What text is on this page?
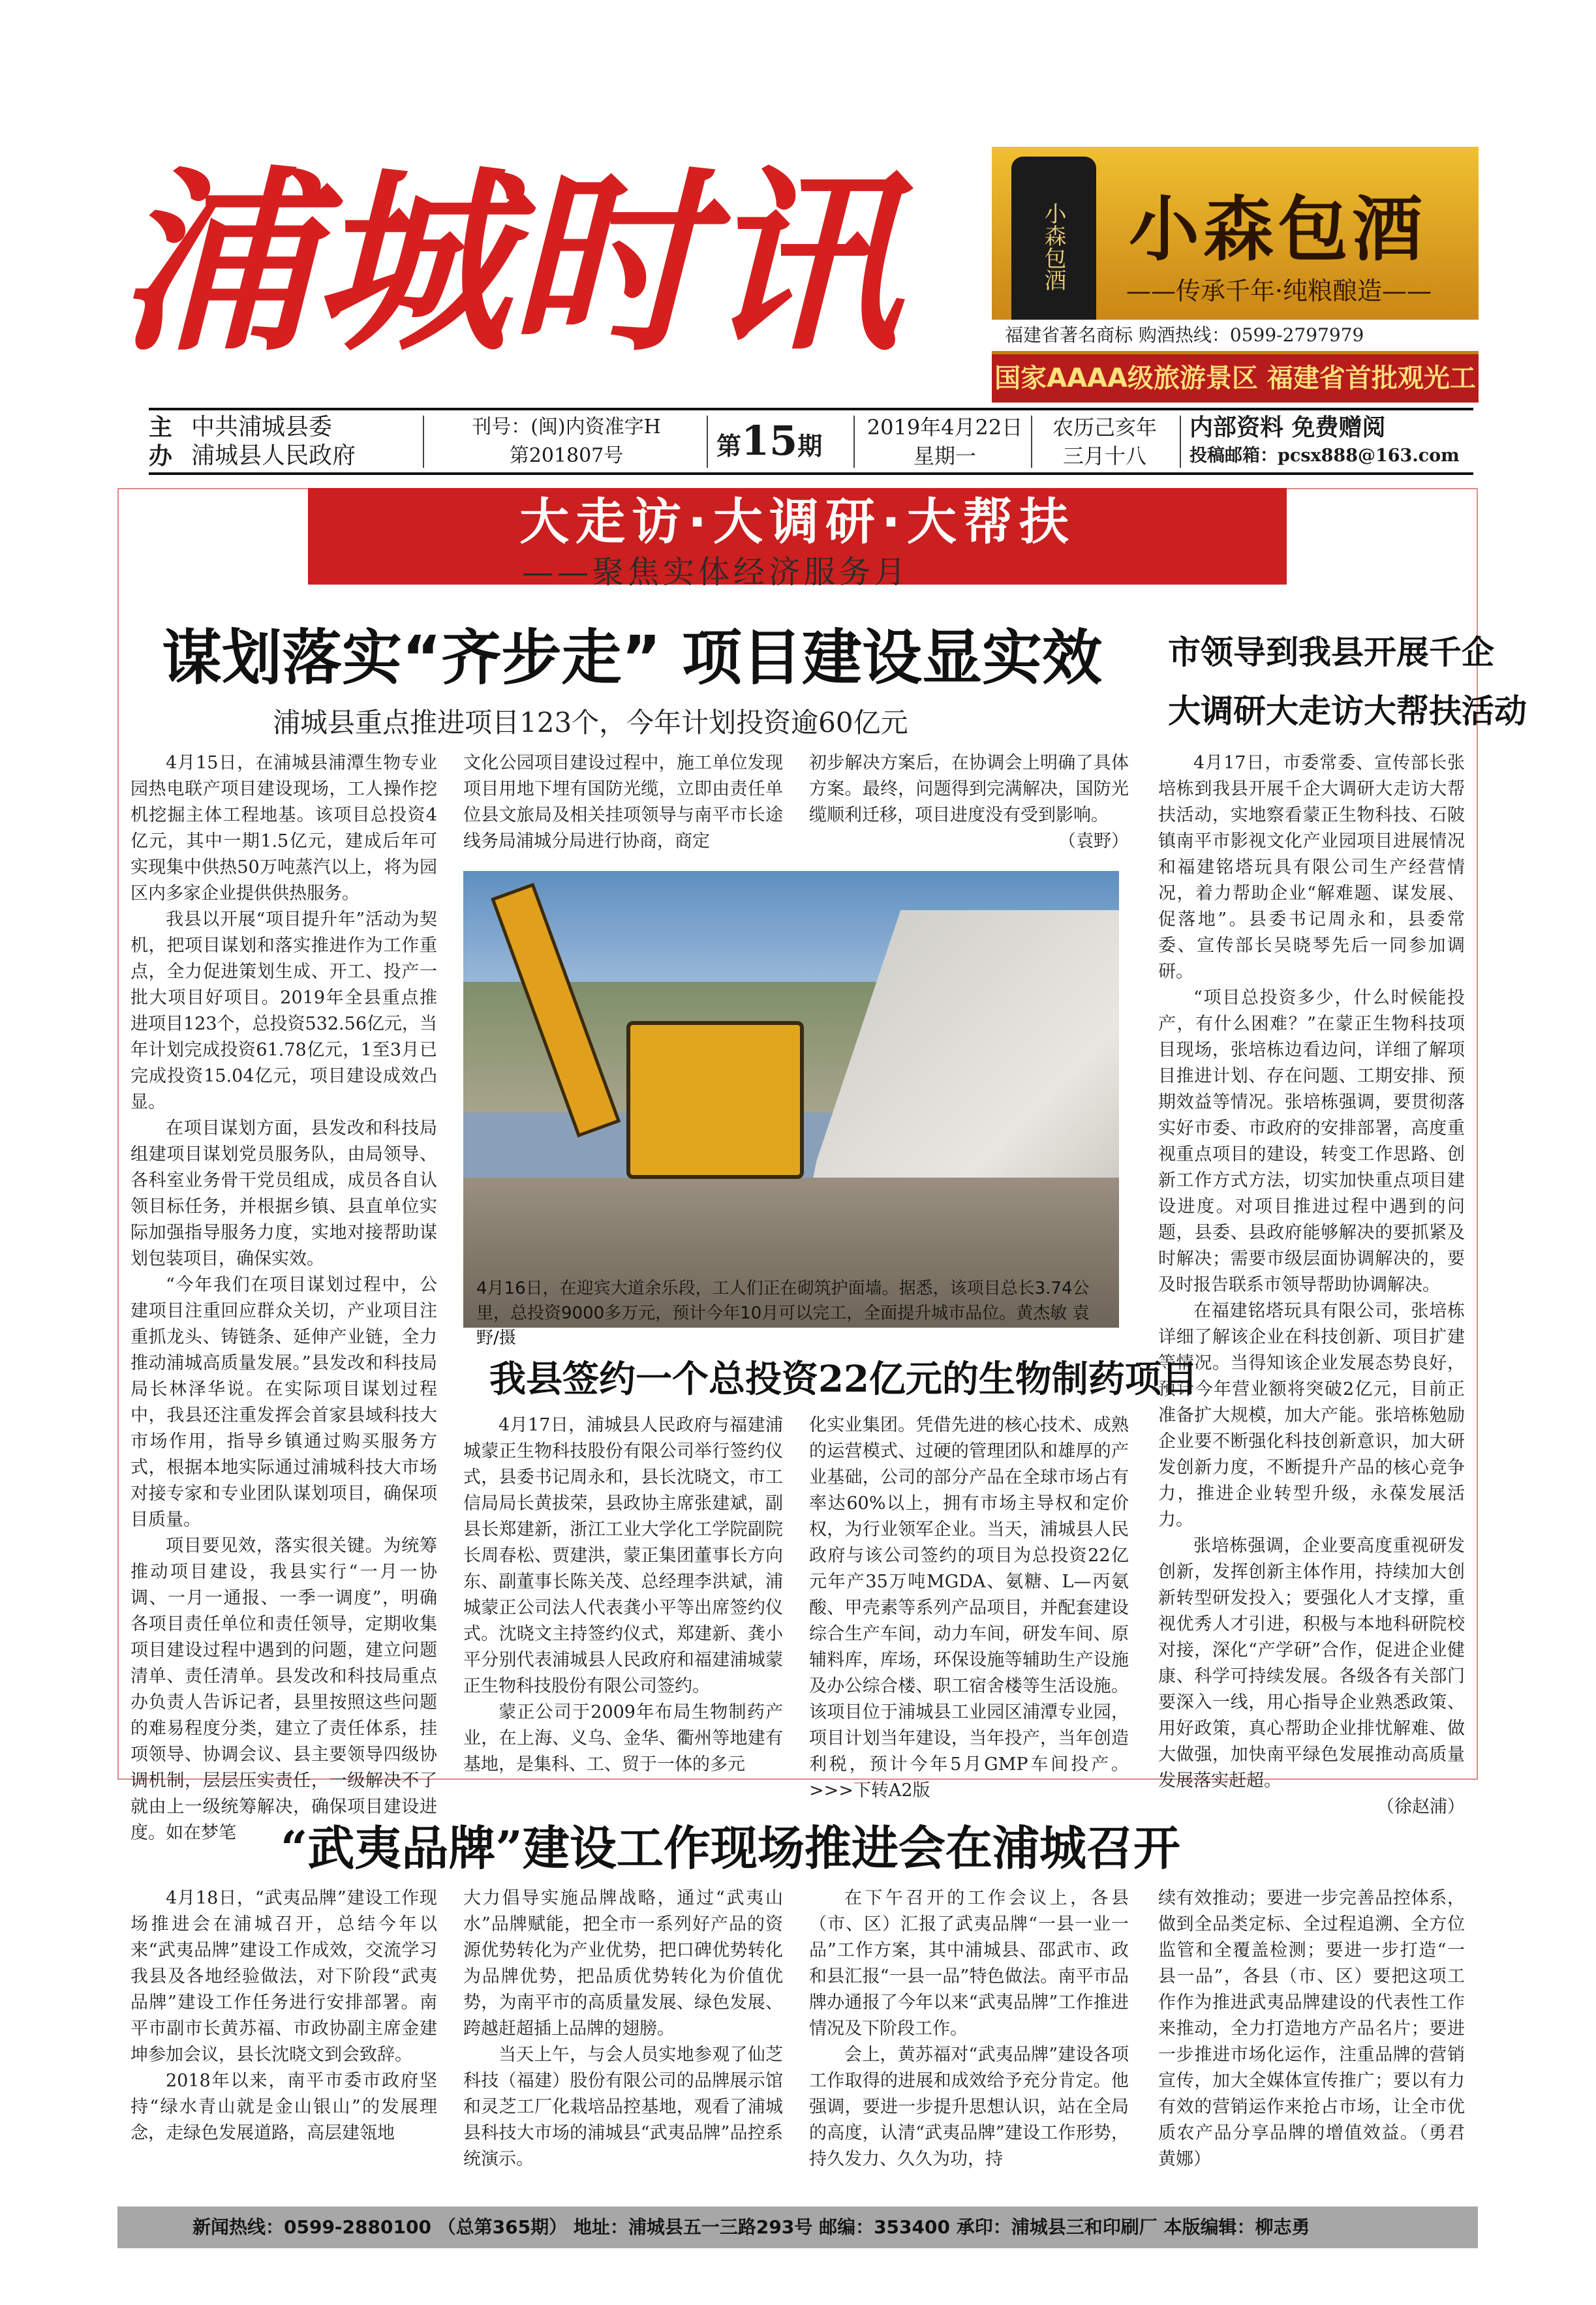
浦城时讯	小森包酒 小森包酒
——传承千年·纯粮酿造——
福建省著名商标 购酒热线：0599-2797979
国家AAAA级旅游景区 福建省首批观光工
主
办
中共浦城县委
浦城县人民政府
刊号：(闽)内资准字H
第201807号	第15期
2019年4月22日
星期一
农历己亥年
三月十八
内部资料 免费赠阅
投稿邮箱：pcsx888@163.com
大走访·大调研·大帮扶
——聚焦实体经济服务月
谋划落实“齐步走” 项目建设显实效
浦城县重点推进项目123个，今年计划投资逾60亿元

4月15日，在浦城县浦潭生物专业园热电联产项目建设现场，工人操作挖机挖掘主体工程地基。该项目总投资4亿元，其中一期1.5亿元，建成后年可实现集中供热50万吨蒸汽以上，将为园区内多家企业提供供热服务。

我县以开展“项目提升年”活动为契机，把项目谋划和落实推进作为工作重点，全力促进策划生成、开工、投产一批大项目好项目。2019年全县重点推进项目123个，总投资532.56亿元，当年计划完成投资61.78亿元，1至3月已完成投资15.04亿元，项目建设成效凸显。

在项目谋划方面，县发改和科技局组建项目谋划党员服务队，由局领导、各科室业务骨干党员组成，成员各自认领目标任务，并根据乡镇、县直单位实际加强指导服务力度，实地对接帮助谋划包装项目，确保实效。

“今年我们在项目谋划过程中，公建项目注重回应群众关切，产业项目注重抓龙头、铸链条、延伸产业链，全力推动浦城高质量发展。”县发改和科技局局长林泽华说。在实际项目谋划过程中，我县还注重发挥会首家县域科技大市场作用，指导乡镇通过购买服务方式，根据本地实际通过浦城科技大市场对接专家和专业团队谋划项目，确保项目质量。

项目要见效，落实很关键。为统筹推动项目建设，我县实行“一月一协调、一月一通报、一季一调度”，明确各项目责任单位和责任领导，定期收集项目建设过程中遇到的问题，建立问题清单、责任清单。县发改和科技局重点办负责人告诉记者，县里按照这些问题的难易程度分类，建立了责任体系，挂项领导、协调会议、县主要领导四级协调机制，层层压实责任，一级解决不了就由上一级统筹解决，确保项目建设进度。如在梦笔

文化公园项目建设过程中，施工单位发现项目用地下埋有国防光缆，立即由责任单位县文旅局及相关挂项领导与南平市长途线务局浦城分局进行协商，商定

初步解决方案后，在协调会上明确了具体方案。最终，问题得到完满解决，国防光缆顺利迁移，项目进度没有受到影响。

（袁野）
4月16日，在迎宾大道余乐段，工人们正在砌筑护面墙。据悉，该项目总长3.74公里，总投资9000多万元，预计今年10月可以完工，全面提升城市品位。黄杰敏 袁野/摄
市领导到我县开展千企
大调研大走访大帮扶活动

4月17日，市委常委、宣传部长张培栋到我县开展千企大调研大走访大帮扶活动，实地察看蒙正生物科技、石陂镇南平市影视文化产业园项目进展情况和福建铭塔玩具有限公司生产经营情况，着力帮助企业“解难题、谋发展、促落地”。县委书记周永和，县委常委、宣传部长吴晓琴先后一同参加调研。

“项目总投资多少，什么时候能投产，有什么困难？”在蒙正生物科技项目现场，张培栋边看边问，详细了解项目推进计划、存在问题、工期安排、预期效益等情况。张培栋强调，要贯彻落实好市委、市政府的安排部署，高度重视重点项目的建设，转变工作思路、创新工作方式方法，切实加快重点项目建设进度。对项目推进过程中遇到的问题，县委、县政府能够解决的要抓紧及时解决；需要市级层面协调解决的，要及时报告联系市领导帮助协调解决。

在福建铭塔玩具有限公司，张培栋详细了解该企业在科技创新、项目扩建等情况。当得知该企业发展态势良好，预计今年营业额将突破2亿元，目前正准备扩大规模，加大产能。张培栋勉励企业要不断强化科技创新意识，加大研发创新力度，不断提升产品的核心竞争力，推进企业转型升级，永葆发展活力。

张培栋强调，企业要高度重视研发创新，发挥创新主体作用，持续加大创新转型研发投入；要强化人才支撑，重视优秀人才引进，积极与本地科研院校对接，深化“产学研”合作，促进企业健康、科学可持续发展。各级各有关部门要深入一线，用心指导企业熟悉政策、用好政策，真心帮助企业排忧解难、做大做强，加快南平绿色发展推动高质量发展落实赶超。

（徐赵浦）
我县签约一个总投资22亿元的生物制药项目

4月17日，浦城县人民政府与福建浦城蒙正生物科技股份有限公司举行签约仪式，县委书记周永和，县长沈晓文，市工信局局长黄拔荣，县政协主席张建斌，副县长郑建新，浙江工业大学化工学院副院长周春松、贾建洪，蒙正集团董事长方向东、副董事长陈关茂、总经理李洪斌，浦城蒙正公司法人代表龚小平等出席签约仪式。沈晓文主持签约仪式，郑建新、龚小平分别代表浦城县人民政府和福建浦城蒙正生物科技股份有限公司签约。

蒙正公司于2009年布局生物制药产业，在上海、义乌、金华、衢州等地建有基地，是集科、工、贸于一体的多元

化实业集团。凭借先进的核心技术、成熟的运营模式、过硬的管理团队和雄厚的产业基础，公司的部分产品在全球市场占有率达60%以上，拥有市场主导权和定价权，为行业领军企业。当天，浦城县人民政府与该公司签约的项目为总投资22亿元年产35万吨MGDA、氨糖、L—丙氨酸、甲壳素等系列产品项目，并配套建设综合生产车间，动力车间，研发车间、原辅料库，库场，环保设施等辅助生产设施及办公综合楼、职工宿舍楼等生活设施。该项目位于浦城县工业园区浦潭专业园，项目计划当年建设，当年投产，当年创造利税，预计今年5月GMP车间投产。>>>下转A2版

“武夷品牌”建设工作现场推进会在浦城召开

4月18日，“武夷品牌”建设工作现场推进会在浦城召开，总结今年以来“武夷品牌”建设工作成效，交流学习我县及各地经验做法，对下阶段“武夷品牌”建设工作任务进行安排部署。南平市副市长黄苏福、市政协副主席金建坤参加会议，县长沈晓文到会致辞。

2018年以来，南平市委市政府坚持“绿水青山就是金山银山”的发展理念，走绿色发展道路，高层建瓴地

大力倡导实施品牌战略，通过“武夷山水”品牌赋能，把全市一系列好产品的资源优势转化为产业优势，把口碑优势转化为品牌优势，把品质优势转化为价值优势，为南平市的高质量发展、绿色发展、跨越赶超插上品牌的翅膀。

当天上午，与会人员实地参观了仙芝科技（福建）股份有限公司的品牌展示馆和灵芝工厂化栽培品控基地，观看了浦城县科技大市场的浦城县“武夷品牌”品控系统演示。

在下午召开的工作会议上，各县（市、区）汇报了武夷品牌“一县一业一品”工作方案，其中浦城县、邵武市、政和县汇报“一县一品”特色做法。南平市品牌办通报了今年以来“武夷品牌”工作推进情况及下阶段工作。

会上，黄苏福对“武夷品牌”建设各项工作取得的进展和成效给予充分肯定。他强调，要进一步提升思想认识，站在全局的高度，认清“武夷品牌”建设工作形势，持久发力、久久为功，持

续有效推动；要进一步完善品控体系，做到全品类定标、全过程追溯、全方位监管和全覆盖检测；要进一步打造“一县一品”，各县（市、区）要把这项工作作为推进武夷品牌建设的代表性工作来推动，全力打造地方产品名片；要进一步推进市场化运作，注重品牌的营销宣传，加大全媒体宣传推广；要以有力有效的营销运作来抢占市场，让全市优质农产品分享品牌的增值效益。（勇君 黄娜）

新闻热线：0599-2880100 （总第365期） 地址：浦城县五一三路293号 邮编：353400 承印：浦城县三和印刷厂 本版编辑：柳志勇
